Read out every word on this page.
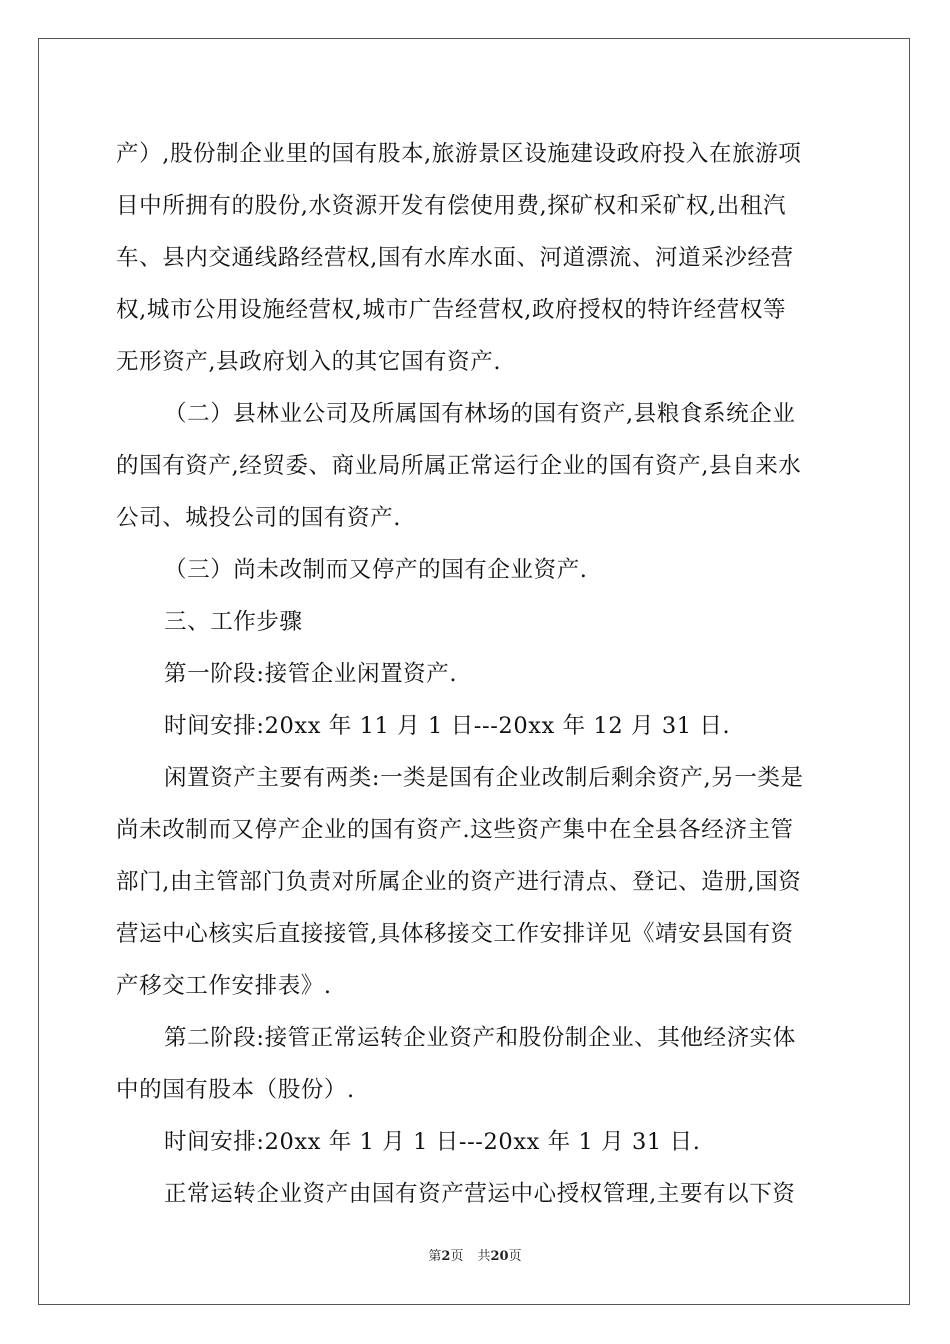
产）,股份制企业里的国有股本,旅游景区设施建设政府投入在旅游项
目中所拥有的股份,水资源开发有偿使用费,探矿权和采矿权,出租汽
车、县内交通线路经营权,国有水库水面、河道漂流、河道采沙经营
权,城市公用设施经营权,城市广告经营权,政府授权的特许经营权等
无形资产,县政府划入的其它国有资产.
（二）县林业公司及所属国有林场的国有资产,县粮食系统企业
的国有资产,经贸委、商业局所属正常运行企业的国有资产,县自来水
公司、城投公司的国有资产.
（三）尚未改制而又停产的国有企业资产.
三、工作步骤
第一阶段:接管企业闲置资产.
时间安排:20xx 年 11 月 1 日---20xx 年 12 月 31 日.
闲置资产主要有两类:一类是国有企业改制后剩余资产,另一类是
尚未改制而又停产企业的国有资产.这些资产集中在全县各经济主管
部门,由主管部门负责对所属企业的资产进行清点、登记、造册,国资
营运中心核实后直接接管,具体移接交工作安排详见《靖安县国有资
产移交工作安排表》.
第二阶段:接管正常运转企业资产和股份制企业、其他经济实体
中的国有股本（股份）.
时间安排:20xx 年 1 月 1 日---20xx 年 1 月 31 日.
正常运转企业资产由国有资产营运中心授权管理,主要有以下资
第2页 共20页
